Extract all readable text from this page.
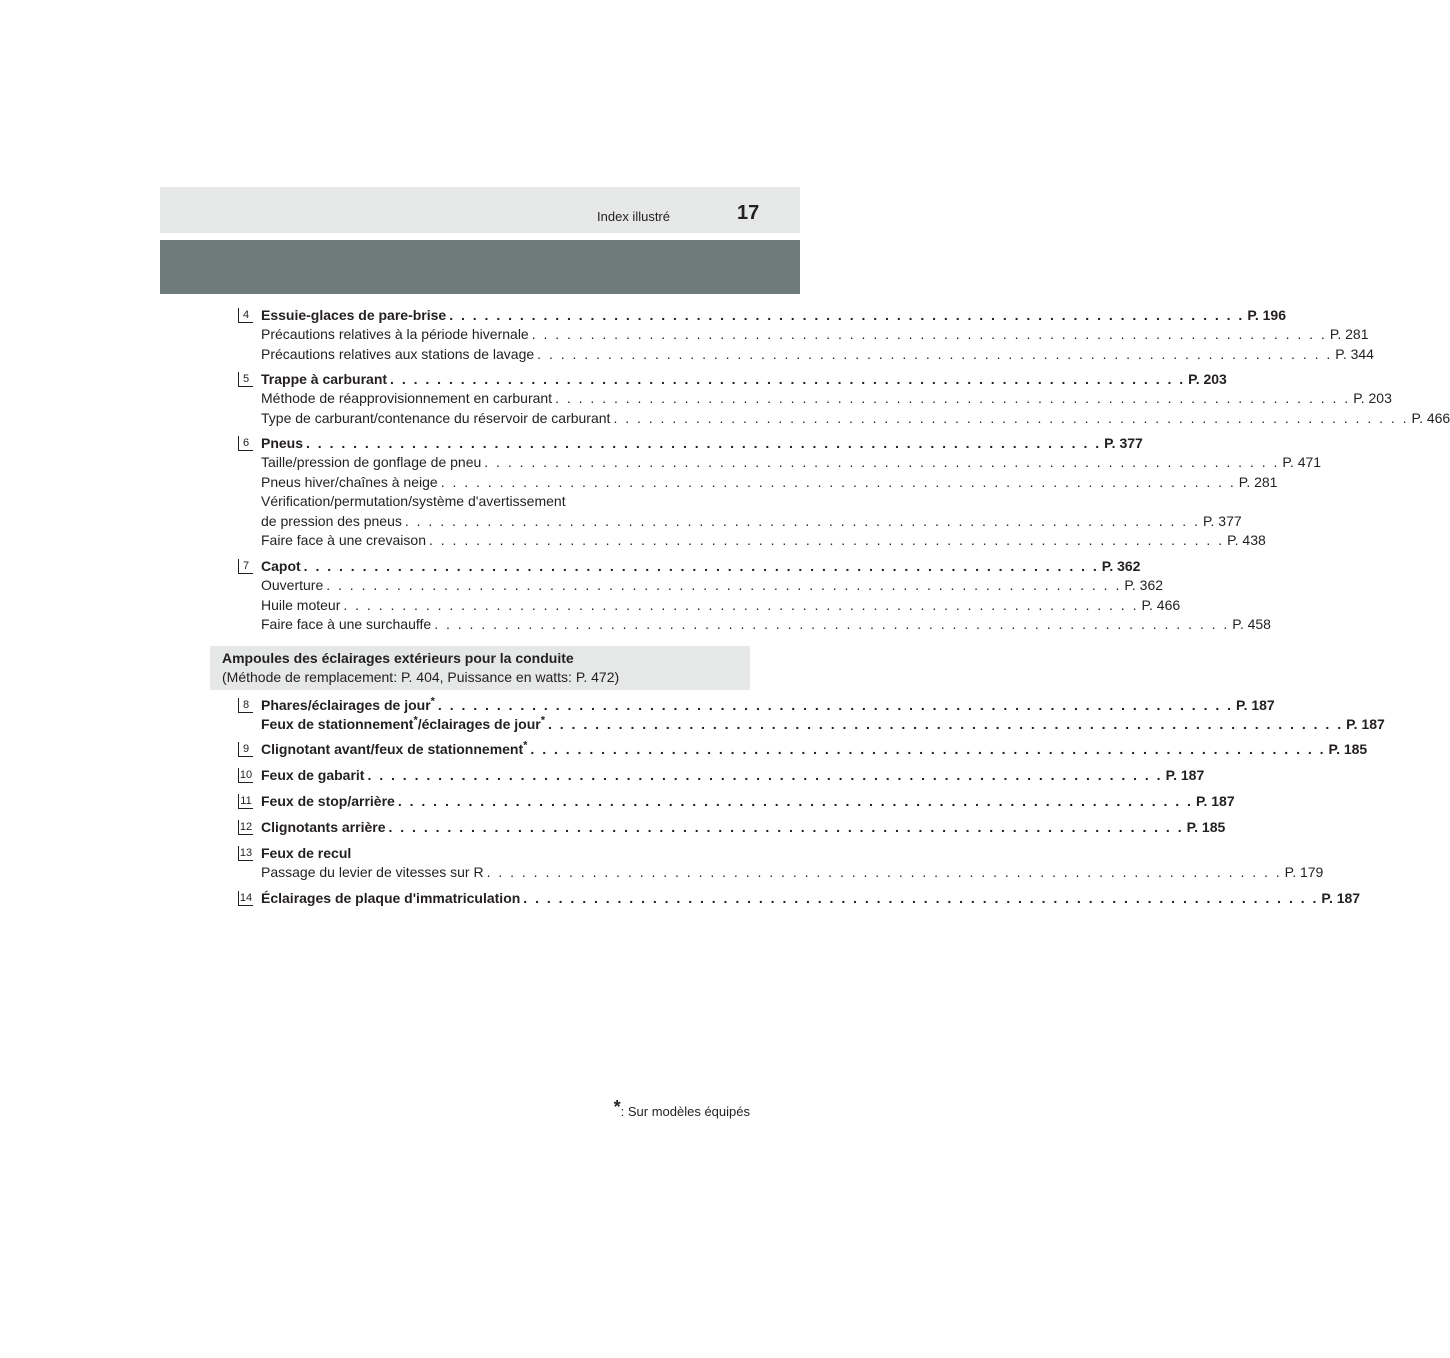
Index illustré	17
4 Essuie-glaces de pare-brise . . . . . . . . . . . . . . . . . . . . . . . . . . . . . . . . . . . . . . . . . . . . . . . . . . . . . . . . . . . . . . . . . . . . P. 196
Précautions relatives à la période hivernale . . . . . . . . . . . . . . . . . . . . . . . . . . . . . . . . . . . . . . . . . . . . . . . . . . . . . . . . . . . . . . . . . . . . P. 281
Précautions relatives aux stations de lavage . . . . . . . . . . . . . . . . . . . . . . . . . . . . . . . . . . . . . . . . . . . . . . . . . . . . . . . . . . . . . . . . . . . . P. 344
5 Trappe à carburant . . . . . . . . . . . . . . . . . . . . . . . . . . . . . . . . . . . . . . . . . . . . . . . . . . . . . . . . . . . . . . . . . . . . P. 203
Méthode de réapprovisionnement en carburant . . . . . . . . . . . . . . . . . . . . . . . . . . . . . . . . . . . . . . . . . . . . . . . . . . . . . . . . . . . . . . . . . . . . P. 203
Type de carburant/contenance du réservoir de carburant . . . . . . . . . . . . . . . . . . . . . . . . . . . . . . . . . . . . . . . . . . . . . . . . . . . . . . . . . . . . . . . . . . . . P. 466
6 Pneus . . . . . . . . . . . . . . . . . . . . . . . . . . . . . . . . . . . . . . . . . . . . . . . . . . . . . . . . . . . . . . . . . . . . P. 377
Taille/pression de gonflage de pneu . . . . . . . . . . . . . . . . . . . . . . . . . . . . . . . . . . . . . . . . . . . . . . . . . . . . . . . . . . . . . . . . . . . . P. 471
Pneus hiver/chaînes à neige . . . . . . . . . . . . . . . . . . . . . . . . . . . . . . . . . . . . . . . . . . . . . . . . . . . . . . . . . . . . . . . . . . . . P. 281
Vérification/permutation/système d'avertissement
de pression des pneus . . . . . . . . . . . . . . . . . . . . . . . . . . . . . . . . . . . . . . . . . . . . . . . . . . . . . . . . . . . . . . . . . . . . P. 377
Faire face à une crevaison . . . . . . . . . . . . . . . . . . . . . . . . . . . . . . . . . . . . . . . . . . . . . . . . . . . . . . . . . . . . . . . . . . . . P. 438
7 Capot . . . . . . . . . . . . . . . . . . . . . . . . . . . . . . . . . . . . . . . . . . . . . . . . . . . . . . . . . . . . . . . . . . . . P. 362
Ouverture . . . . . . . . . . . . . . . . . . . . . . . . . . . . . . . . . . . . . . . . . . . . . . . . . . . . . . . . . . . . . . . . . . . . P. 362
Huile moteur . . . . . . . . . . . . . . . . . . . . . . . . . . . . . . . . . . . . . . . . . . . . . . . . . . . . . . . . . . . . . . . . . . . . P. 466
Faire face à une surchauffe . . . . . . . . . . . . . . . . . . . . . . . . . . . . . . . . . . . . . . . . . . . . . . . . . . . . . . . . . . . . . . . . . . . . P. 458
Ampoules des éclairages extérieurs pour la conduite
(Méthode de remplacement: P. 404, Puissance en watts: P. 472)
8 Phares/éclairages de jour* . . . . . . . . . . . . . . . . . . . . . . . . . . . . . . . . . . . . . . . . . . . . . . . . . . . . . . . . . . . . . . . . . . . . P. 187
Feux de stationnement*/éclairages de jour* . . . . . . . . . . . . . . . . . . . . . . . . . . . . . . . . . . . . . . . . . . . . . . . . . . . . . . . . . . . . . . . . . . . . P. 187
9 Clignotant avant/feux de stationnement* . . . . . . . . . . . . . . . . . . . . . . . . . . . . . . . . . . . . . . . . . . . . . . . . . . . . . . . . . . . . . . . . . . . . P. 185
10 Feux de gabarit . . . . . . . . . . . . . . . . . . . . . . . . . . . . . . . . . . . . . . . . . . . . . . . . . . . . . . . . . . . . . . . . . . . . P. 187
11 Feux de stop/arrière . . . . . . . . . . . . . . . . . . . . . . . . . . . . . . . . . . . . . . . . . . . . . . . . . . . . . . . . . . . . . . . . . . . . P. 187
12 Clignotants arrière . . . . . . . . . . . . . . . . . . . . . . . . . . . . . . . . . . . . . . . . . . . . . . . . . . . . . . . . . . . . . . . . . . . . P. 185
13 Feux de recul
Passage du levier de vitesses sur R . . . . . . . . . . . . . . . . . . . . . . . . . . . . . . . . . . . . . . . . . . . . . . . . . . . . . . . . . . . . . . . . . . . . P. 179
14 Éclairages de plaque d'immatriculation . . . . . . . . . . . . . . . . . . . . . . . . . . . . . . . . . . . . . . . . . . . . . . . . . . . . . . . . . . . . . . . . . . . . P. 187
*: Sur modèles équipés
